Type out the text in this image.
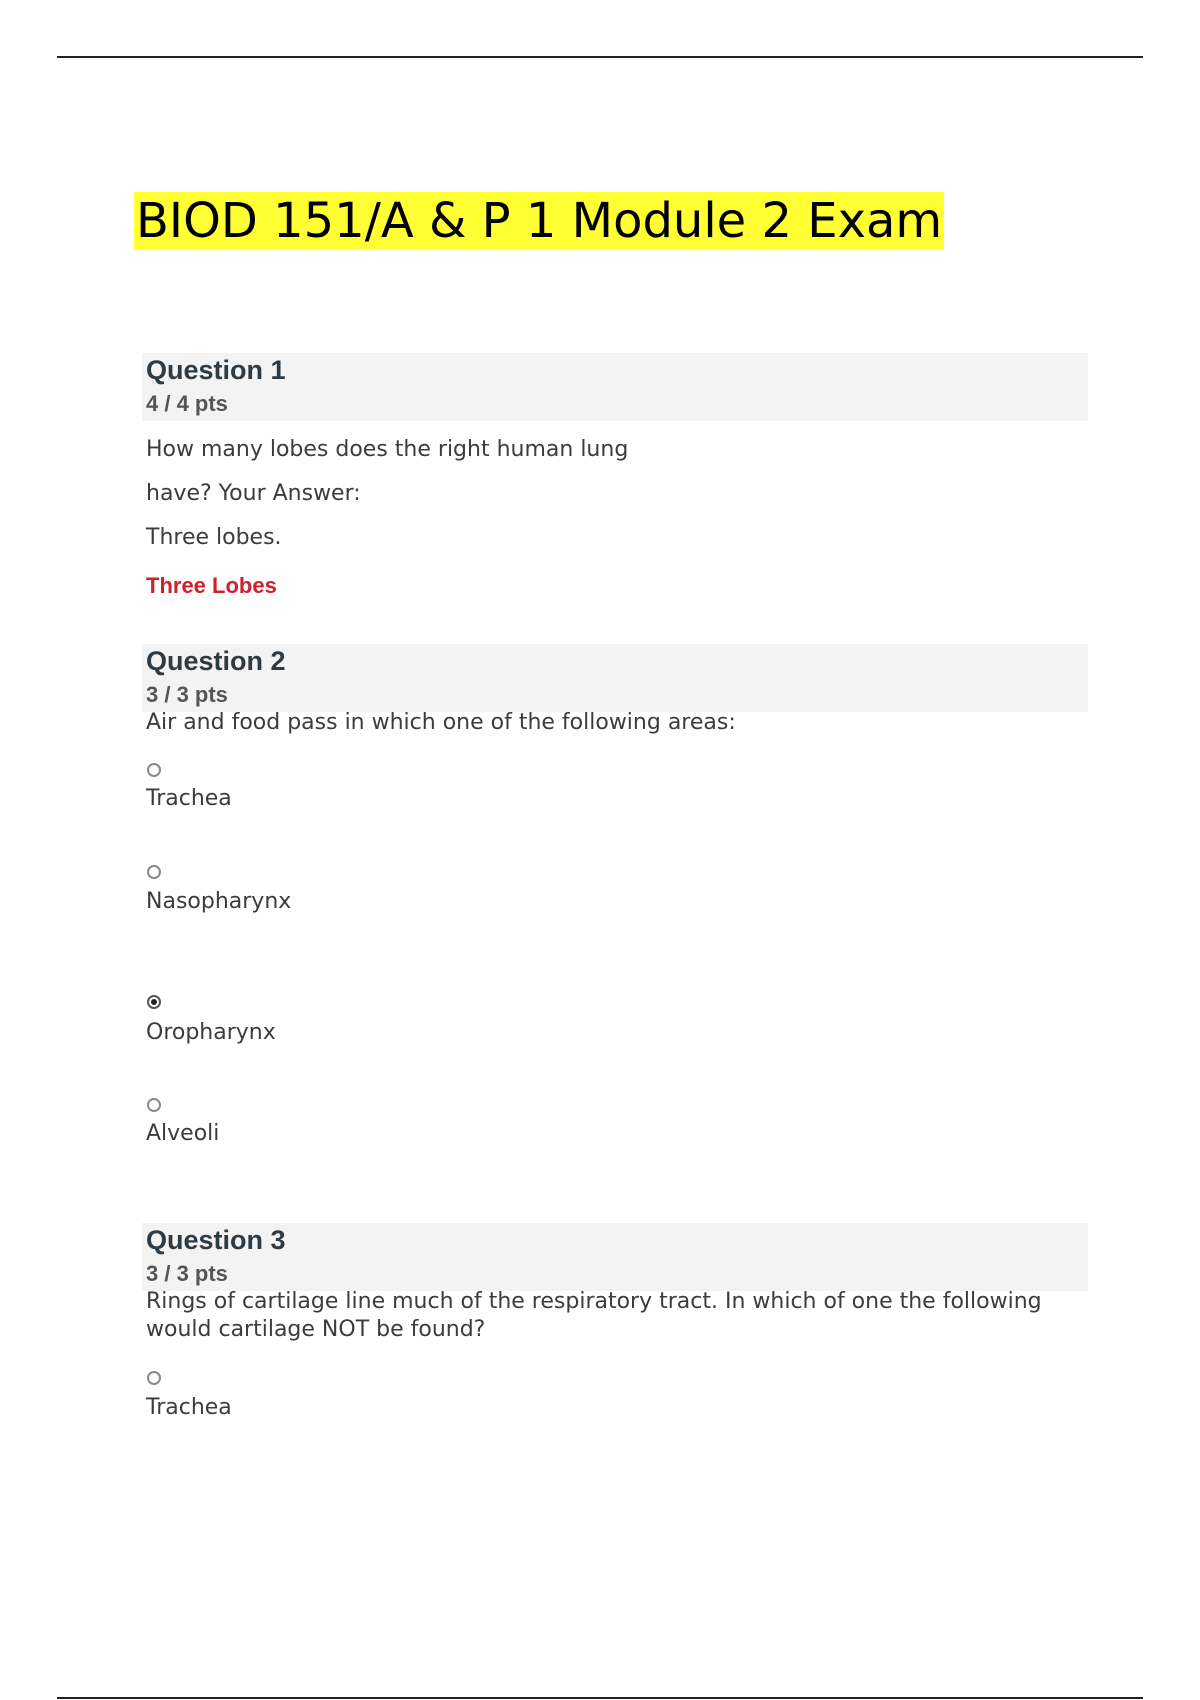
BIOD 151/A & P 1 Module 2 Exam
Question 1
4 / 4 pts
How many lobes does the right human lung
have? Your Answer:
Three lobes.
Three Lobes
Question 2
3 / 3 pts
Air and food pass in which one of the following areas:
Trachea
Nasopharynx
Oropharynx
Alveoli
Question 3
3 / 3 pts
Rings of cartilage line much of the respiratory tract. In which of one the following would cartilage NOT be found?
Trachea
